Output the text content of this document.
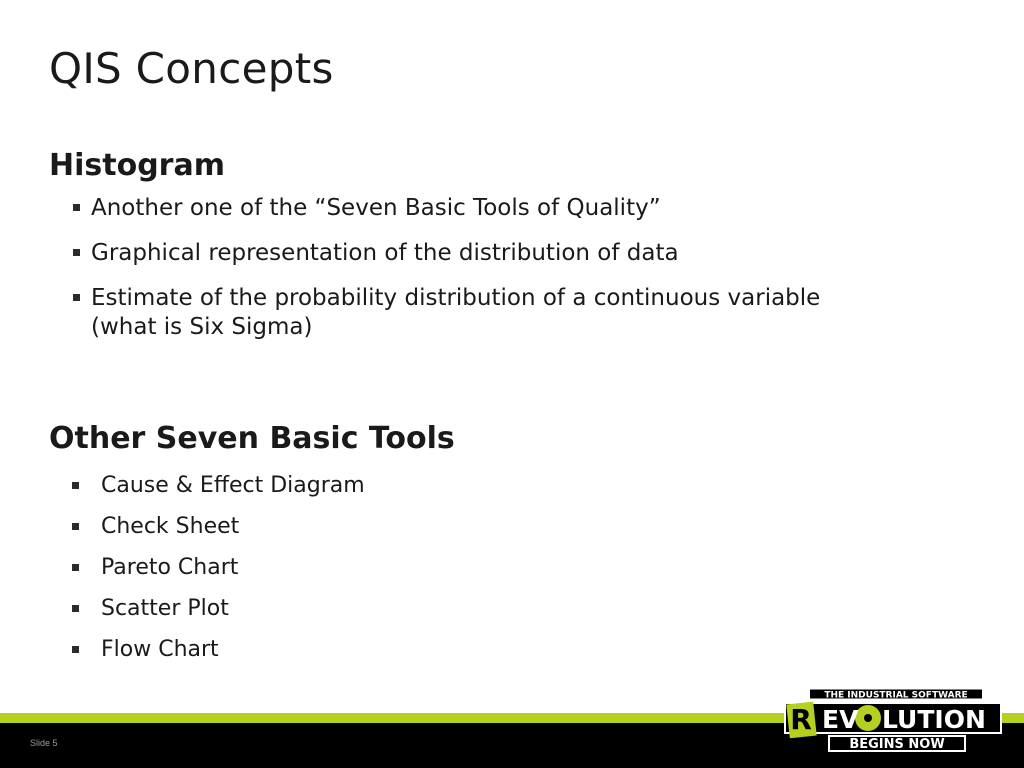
QIS Concepts
Histogram
Another one of the “Seven Basic Tools of Quality”
Graphical representation of the distribution of data
Estimate of the probability distribution of a continuous variable (what is Six Sigma)
Other Seven Basic Tools
Cause & Effect Diagram
Check Sheet
Pareto Chart
Scatter Plot
Flow Chart
Slide 5
THE INDUSTRIAL SOFTWARE
R EV LUTION
BEGINS NOW
